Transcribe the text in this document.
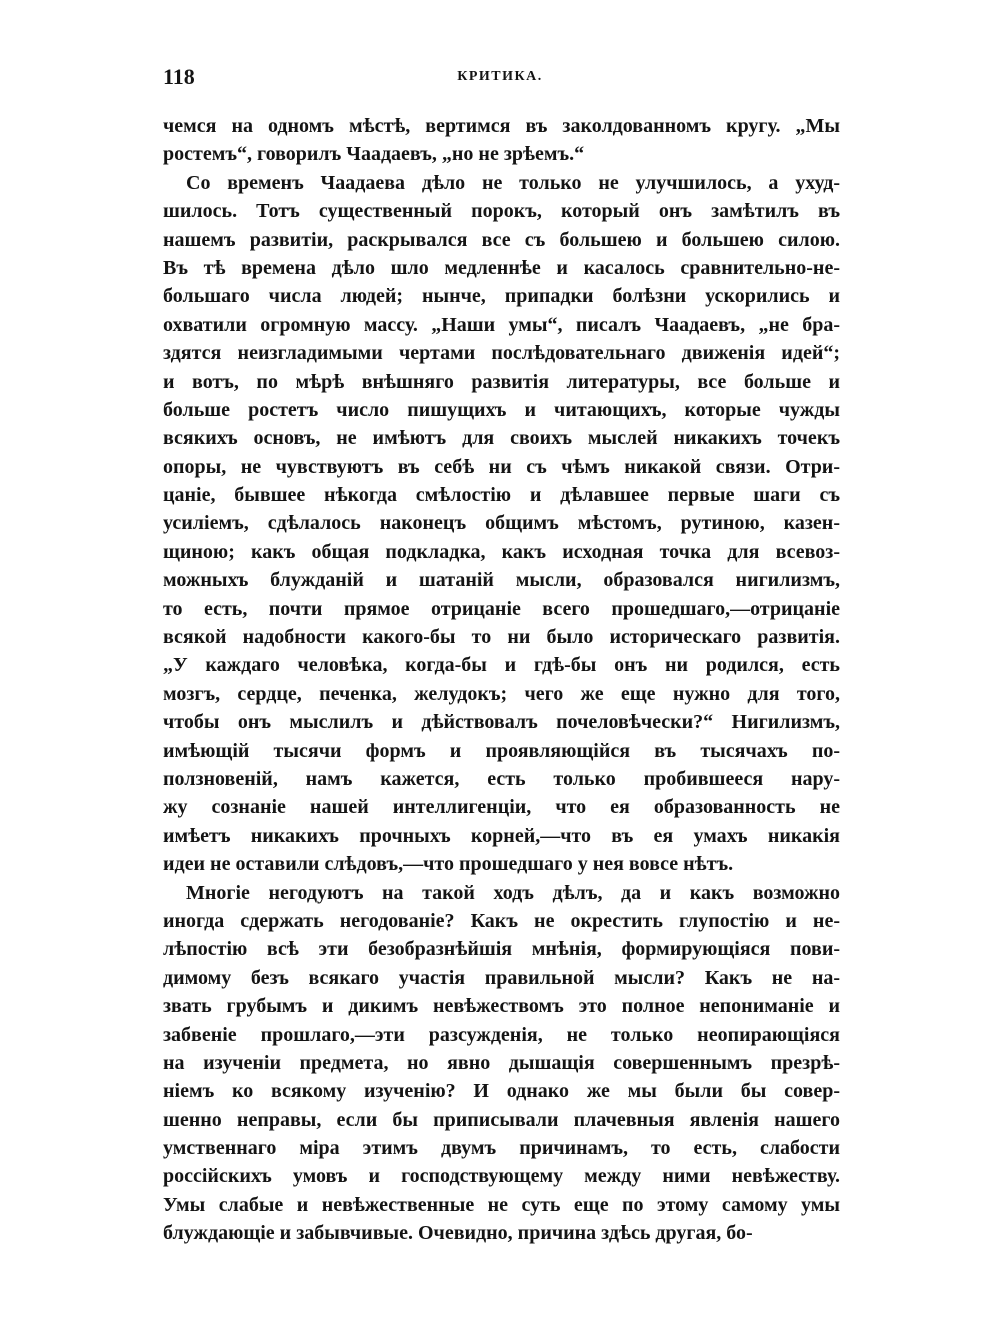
118	КРИТИКА.
чемся на одномъ мѣстѣ, вертимся въ заколдованномъ кругу. „Мы
ростемъ“, говорилъ Чаадаевъ, „но не зрѣемъ.“
Со временъ Чаадаева дѣло не только не улучшилось, а ухуд-
шилось. Тотъ существенный порокъ, который онъ замѣтилъ въ
нашемъ развитіи, раскрывался все съ большею и большею силою.
Въ тѣ времена дѣло шло медленнѣе и касалось сравнительно-не-
большаго числа людей; нынче, припадки болѣзни ускорились и
охватили огромную массу. „Наши умы“, писалъ Чаадаевъ, „не бра-
здятся неизгладимыми чертами послѣдовательнаго движенія идей“;
и вотъ, по мѣрѣ внѣшняго развитія литературы, все больше и
больше ростетъ число пишущихъ и читающихъ, которые чужды
всякихъ основъ, не имѣютъ для своихъ мыслей никакихъ точекъ
опоры, не чувствуютъ въ себѣ ни съ чѣмъ никакой связи. Отри-
цаніе, бывшее нѣкогда смѣлостію и дѣлавшее первые шаги съ
усиліемъ, сдѣлалось наконецъ общимъ мѣстомъ, рутиною, казен-
щиною; какъ общая подкладка, какъ исходная точка для всевоз-
можныхъ блужданій и шатаній мысли, образовался нигилизмъ,
то есть, почти прямое отрицаніе всего прошедшаго,—отрицаніе
всякой надобности какого-бы то ни было историческаго развитія.
„У каждаго человѣка, когда-бы и гдѣ-бы онъ ни родился, есть
мозгъ, сердце, печенка, желудокъ; чего же еще нужно для того,
чтобы онъ мыслилъ и дѣйствовалъ почеловѣчески?“ Нигилизмъ,
имѣющій тысячи формъ и проявляющійся въ тысячахъ по-
ползновеній, намъ кажется, есть только пробившееся нару-
жу сознаніе нашей интеллигенціи, что ея образованность не
имѣетъ никакихъ прочныхъ корней,—что въ ея умахъ никакія
идеи не оставили слѣдовъ,—что прошедшаго у нея вовсе нѣтъ.
Многіе негодуютъ на такой ходъ дѣлъ, да и какъ возможно
иногда сдержать негодованіе? Какъ не окрестить глупостію и не-
лѣпостію всѣ эти безобразнѣйшія мнѣнія, формирующіяся пови-
димому безъ всякаго участія правильной мысли? Какъ не на-
звать грубымъ и дикимъ невѣжествомъ это полное непониманіе и
забвеніе прошлаго,—эти разсужденія, не только неопирающіяся
на изученіи предмета, но явно дышащія совершеннымъ презрѣ-
ніемъ ко всякому изученію? И однако же мы были бы совер-
шенно неправы, если бы приписывали плачевныя явленія нашего
умственнаго міра этимъ двумъ причинамъ, то есть, слабости
россійскихъ умовъ и господствующему между ними невѣжеству.
Умы слабые и невѣжественные не суть еще по этому самому умы
блуждающіе и забывчивые. Очевидно, причина здѣсь другая, бо-
